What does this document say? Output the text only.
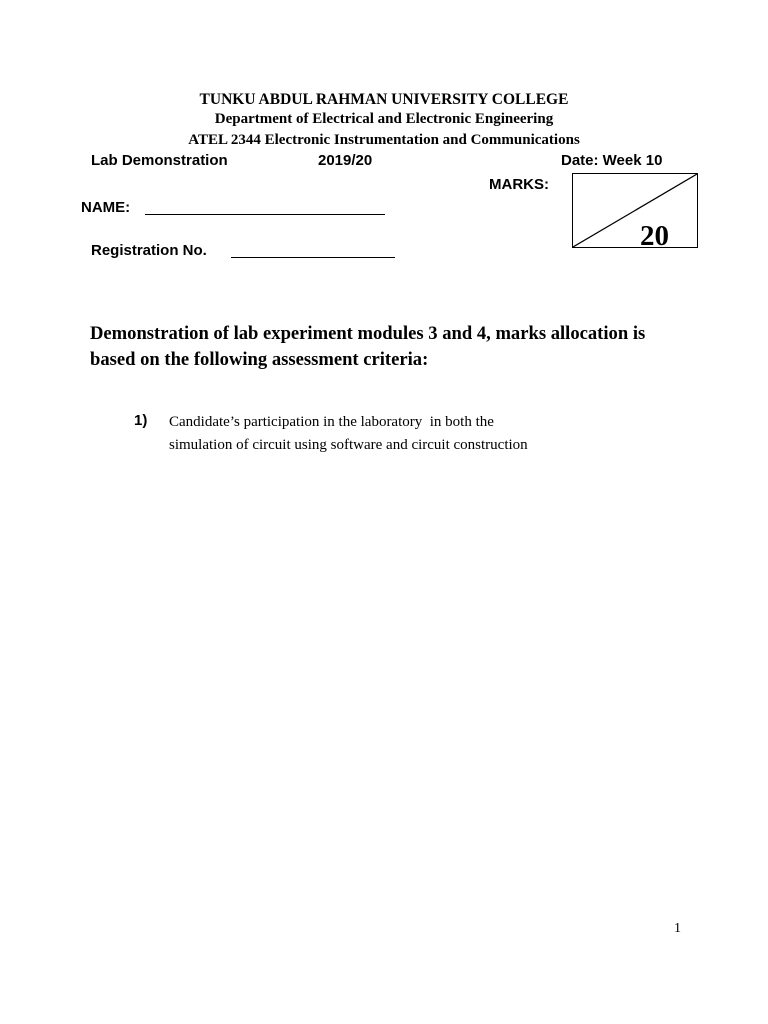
TUNKU ABDUL RAHMAN UNIVERSITY COLLEGE
Department of Electrical and Electronic Engineering
ATEL 2344 Electronic Instrumentation and Communications
Lab Demonstration	2019/20	Date: Week 10
MARKS:
20
NAME:
Registration No.
Demonstration of lab experiment modules 3 and 4, marks allocation is based on the following assessment criteria:
1) Candidate’s participation in the laboratory  in both the
simulation of circuit using software and circuit construction
1
